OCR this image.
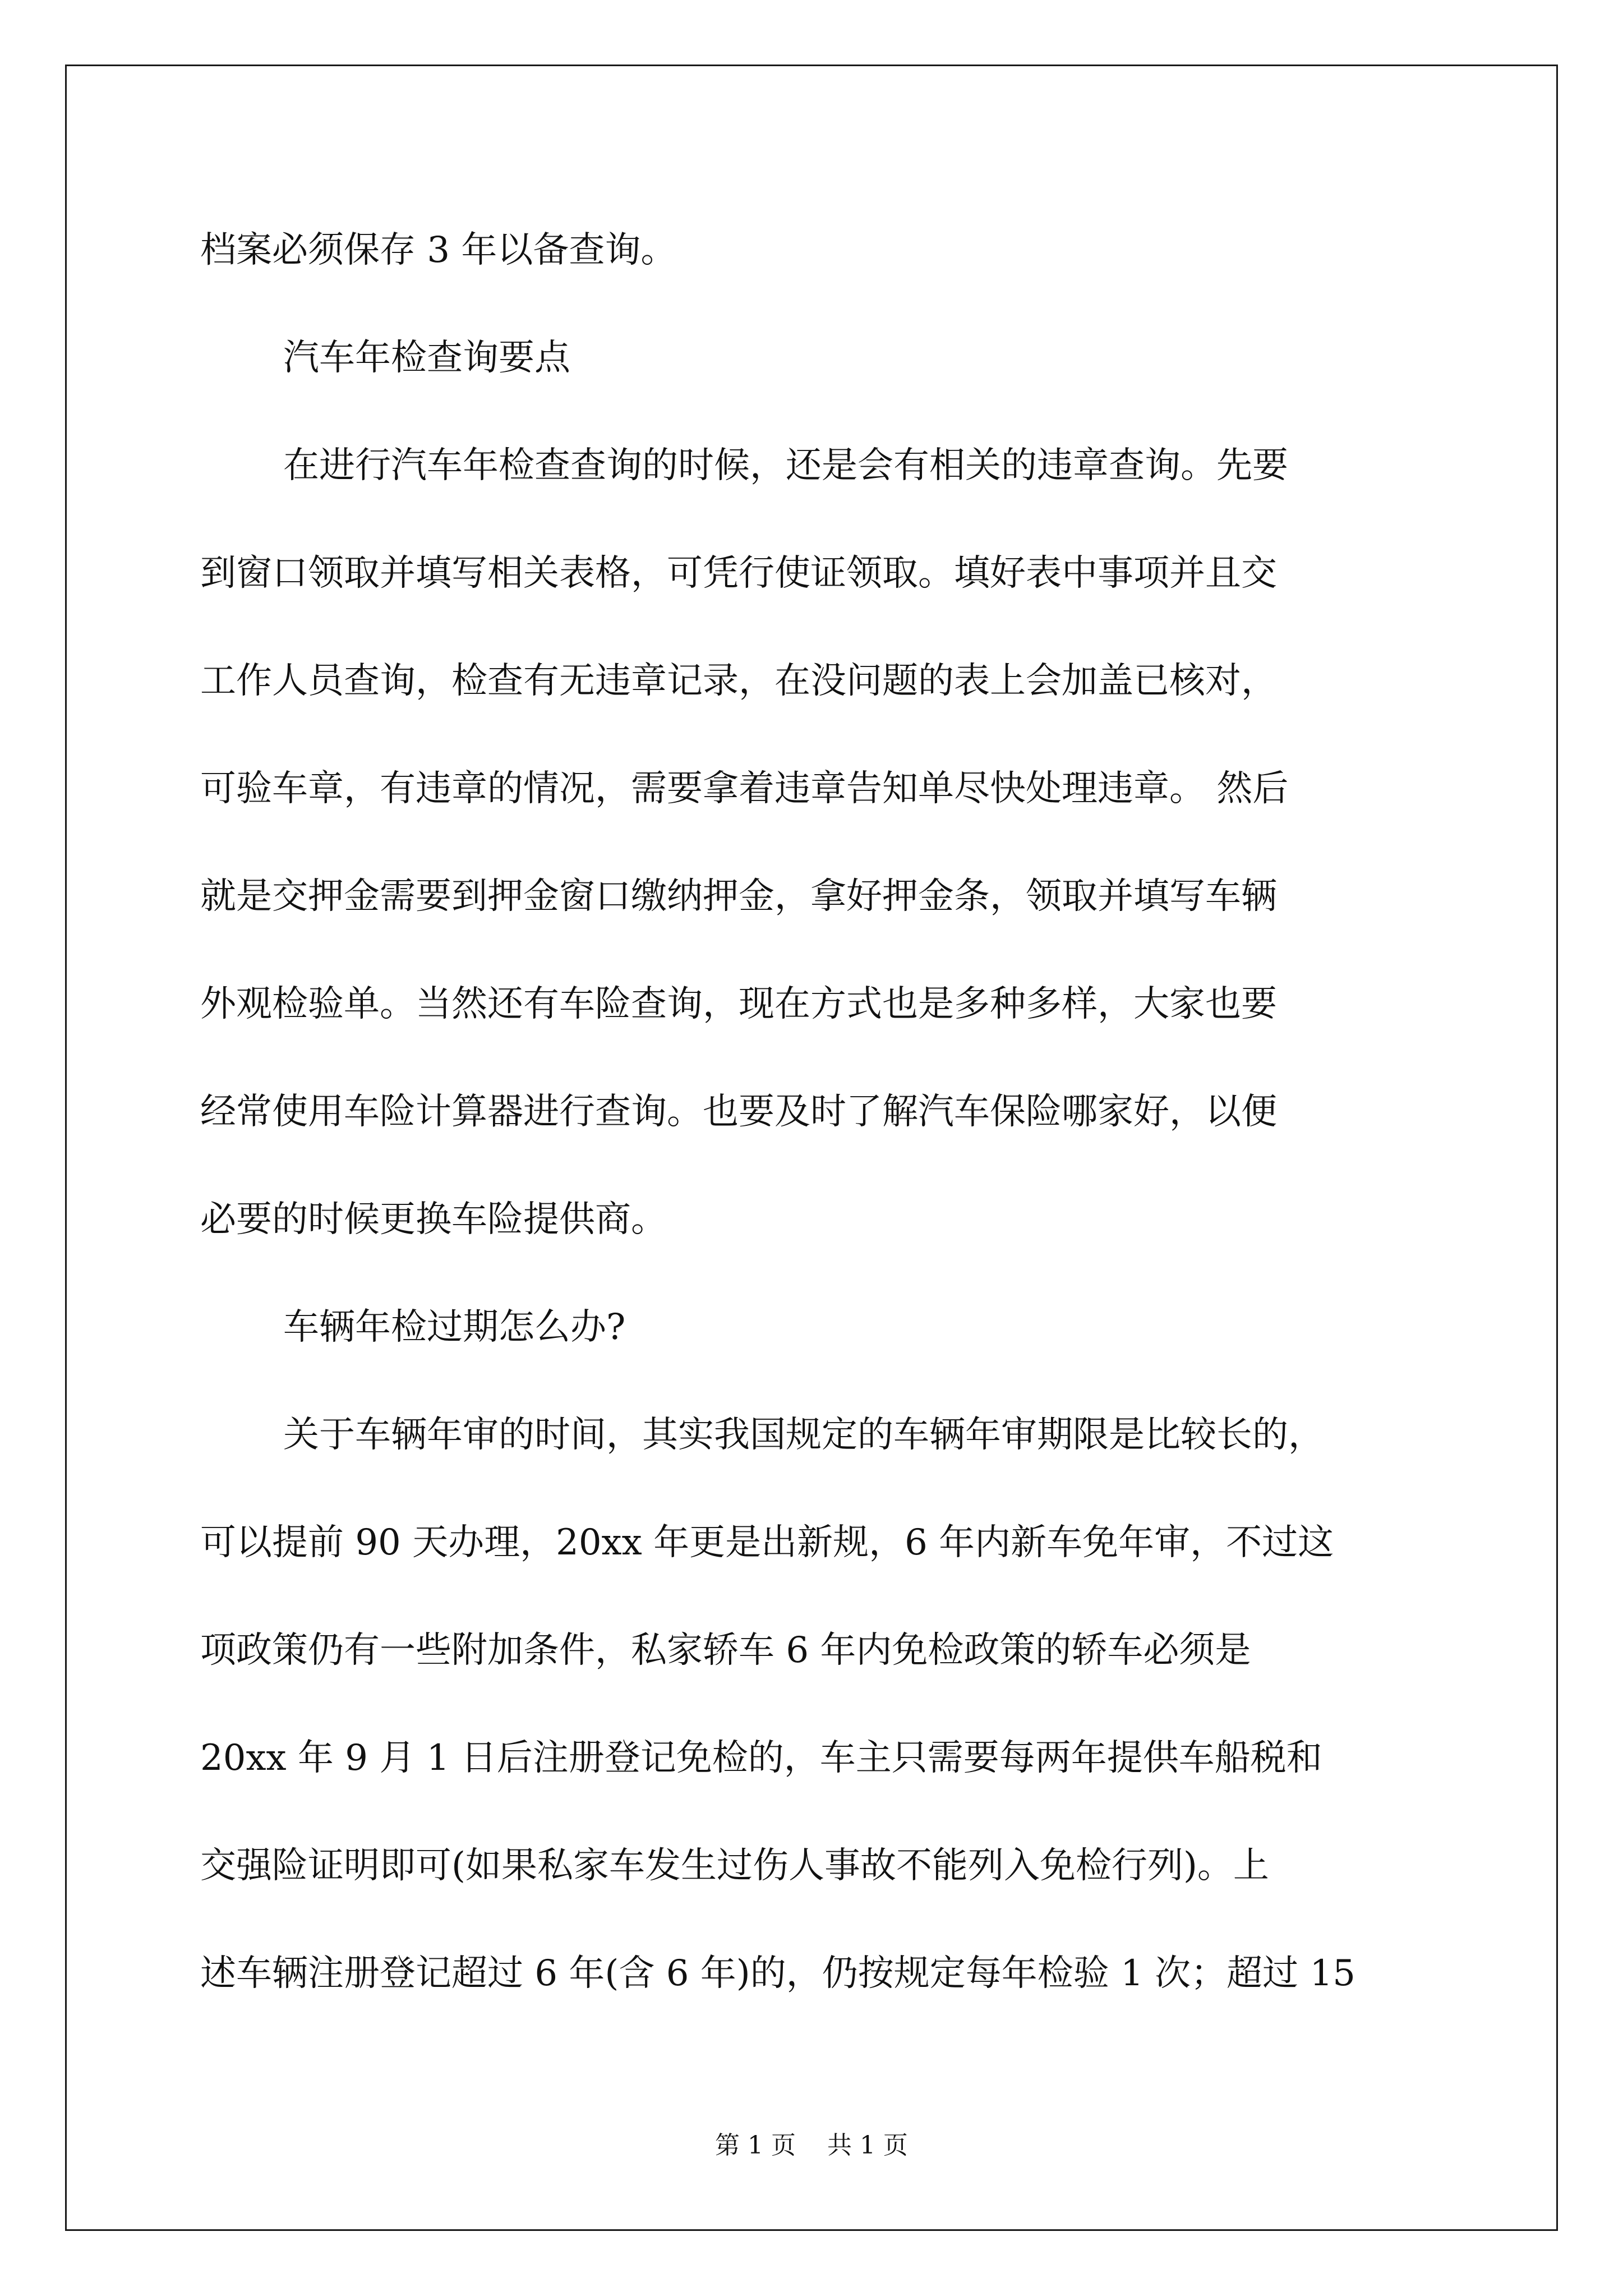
档案必须保存 3 年以备查询。

汽车年检查询要点

在进行汽车年检查查询的时候，还是会有相关的违章查询。先要

到窗口领取并填写相关表格，可凭行使证领取。填好表中事项并且交

工作人员查询，检查有无违章记录，在没问题的表上会加盖已核对，

可验车章，有违章的情况，需要拿着违章告知单尽快处理违章。 然后

就是交押金需要到押金窗口缴纳押金，拿好押金条，领取并填写车辆

外观检验单。当然还有车险查询，现在方式也是多种多样，大家也要

经常使用车险计算器进行查询。也要及时了解汽车保险哪家好，以便

必要的时候更换车险提供商。

车辆年检过期怎么办?

关于车辆年审的时间，其实我国规定的车辆年审期限是比较长的，

可以提前 90 天办理，20xx 年更是出新规，6 年内新车免年审，不过这

项政策仍有一些附加条件，私家轿车 6 年内免检政策的轿车必须是

20xx 年 9 月 1 日后注册登记免检的，车主只需要每两年提供车船税和

交强险证明即可(如果私家车发生过伤人事故不能列入免检行列)。上

述车辆注册登记超过 6 年(含 6 年)的，仍按规定每年检验 1 次；超过 15

第 1 页    共 1 页
